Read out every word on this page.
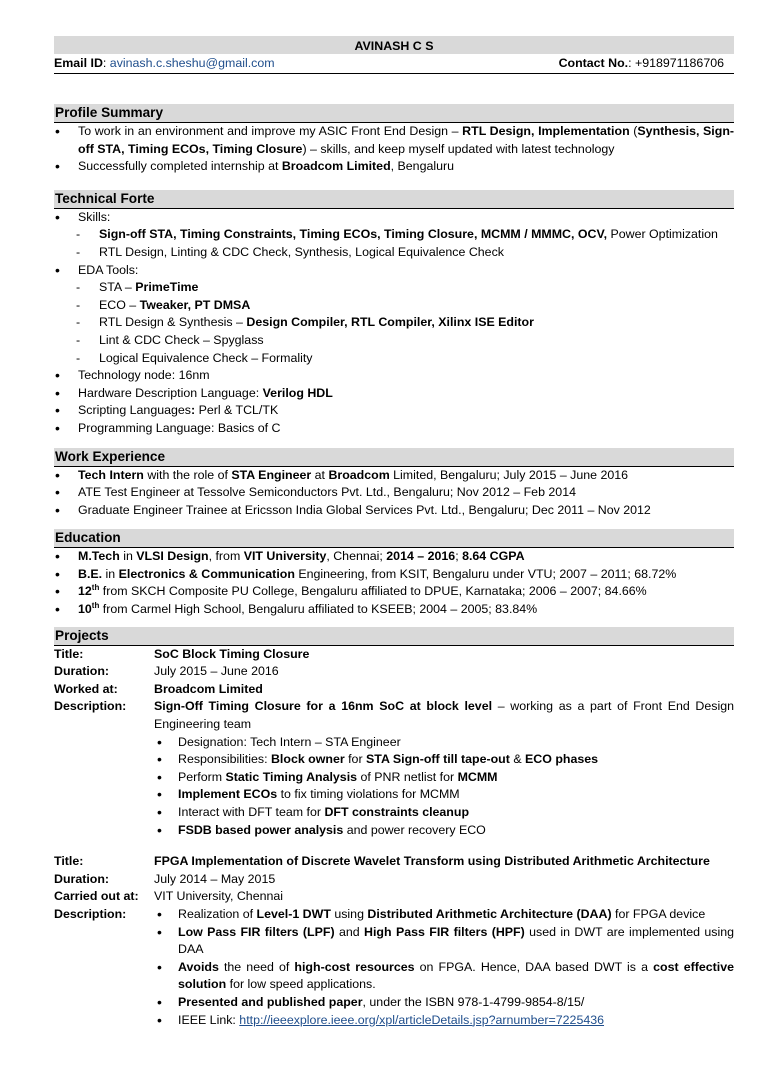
AVINASH C S
Email ID: avinash.c.sheshu@gmail.com	Contact No.: +918971186706
Profile Summary
• To work in an environment and improve my ASIC Front End Design – RTL Design, Implementation (Synthesis, Sign-off STA, Timing ECOs, Timing Closure) – skills, and keep myself updated with latest technology
• Successfully completed internship at Broadcom Limited, Bengaluru
Technical Forte
• Skills:
- Sign-off STA, Timing Constraints, Timing ECOs, Timing Closure, MCMM / MMMC, OCV, Power Optimization
- RTL Design, Linting & CDC Check, Synthesis, Logical Equivalence Check
• EDA Tools:
- STA – PrimeTime
- ECO – Tweaker, PT DMSA
- RTL Design & Synthesis – Design Compiler, RTL Compiler, Xilinx ISE Editor
- Lint & CDC Check – Spyglass
- Logical Equivalence Check – Formality
• Technology node: 16nm
• Hardware Description Language: Verilog HDL
• Scripting Languages: Perl & TCL/TK
• Programming Language: Basics of C
Work Experience
• Tech Intern with the role of STA Engineer at Broadcom Limited, Bengaluru; July 2015 – June 2016
• ATE Test Engineer at Tessolve Semiconductors Pvt. Ltd., Bengaluru; Nov 2012 – Feb 2014
• Graduate Engineer Trainee at Ericsson India Global Services Pvt. Ltd., Bengaluru; Dec 2011 – Nov 2012
Education
• M.Tech in VLSI Design, from VIT University, Chennai; 2014 – 2016; 8.64 CGPA
• B.E. in Electronics & Communication Engineering, from KSIT, Bengaluru under VTU; 2007 – 2011; 68.72%
• 12th from SKCH Composite PU College, Bengaluru affiliated to DPUE, Karnataka; 2006 – 2007; 84.66%
• 10th from Carmel High School, Bengaluru affiliated to KSEEB; 2004 – 2005; 83.84%
Projects
Title:	SoC Block Timing Closure
Duration:	July 2015 – June 2016
Worked at:	Broadcom Limited
Description:	Sign-Off Timing Closure for a 16nm SoC at block level – working as a part of Front End Design Engineering team
• Designation: Tech Intern – STA Engineer
• Responsibilities: Block owner for STA Sign-off till tape-out & ECO phases
• Perform Static Timing Analysis of PNR netlist for MCMM
• Implement ECOs to fix timing violations for MCMM
• Interact with DFT team for DFT constraints cleanup
• FSDB based power analysis and power recovery ECO
Title:	FPGA Implementation of Discrete Wavelet Transform using Distributed Arithmetic Architecture
Duration:	July 2014 – May 2015
Carried out at:	VIT University, Chennai
Description:
•	Realization of Level-1 DWT using Distributed Arithmetic Architecture (DAA) for FPGA device
• Low Pass FIR filters (LPF) and High Pass FIR filters (HPF) used in DWT are implemented using DAA
• Avoids the need of high-cost resources on FPGA. Hence, DAA based DWT is a cost effective solution for low speed applications.
• Presented and published paper, under the ISBN 978-1-4799-9854-8/15/
• IEEE Link: http://ieeexplore.ieee.org/xpl/articleDetails.jsp?arnumber=7225436
